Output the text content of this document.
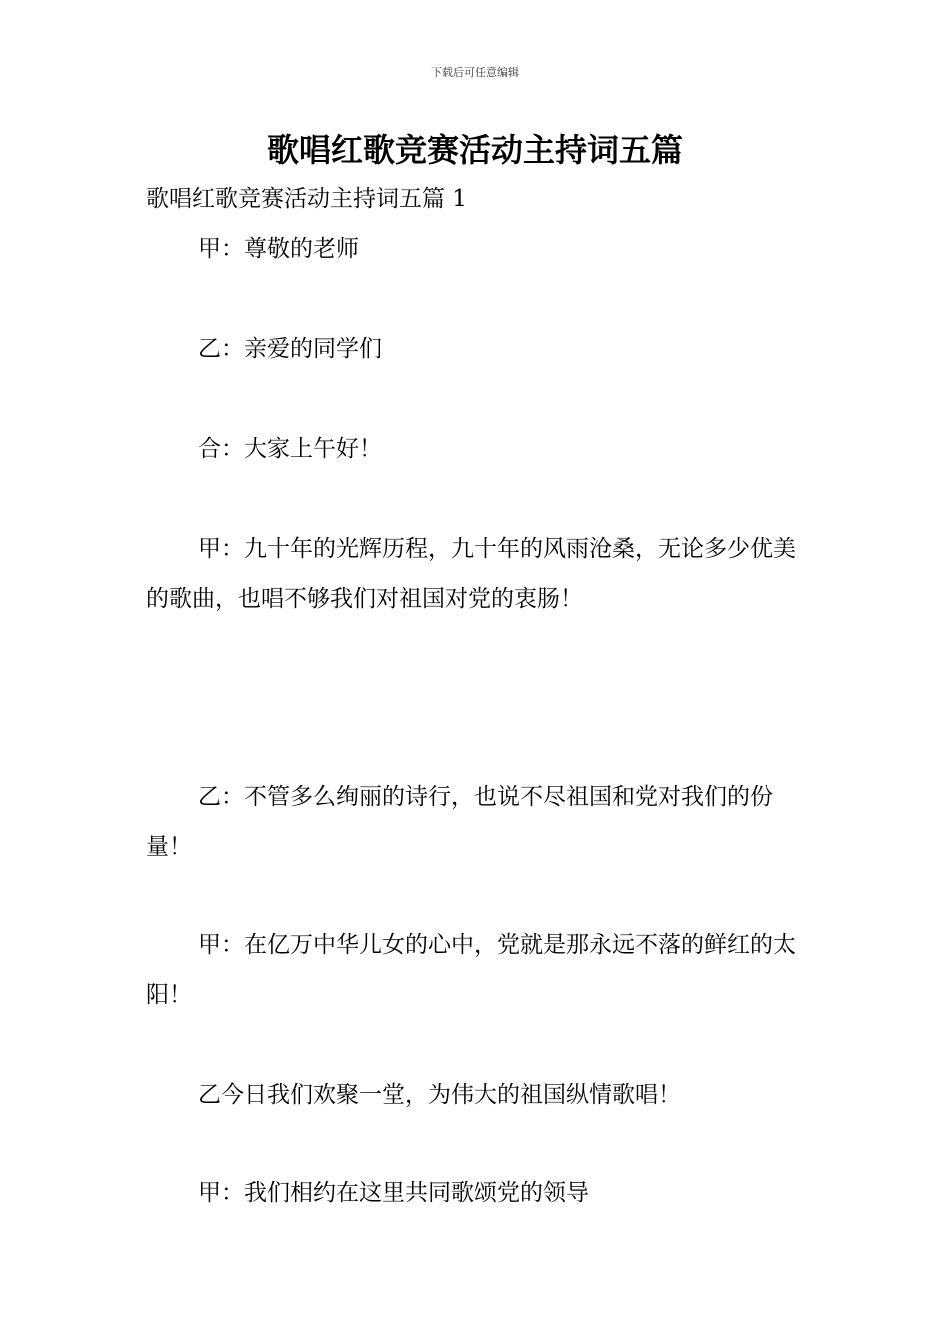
下载后可任意编辑
歌唱红歌竞赛活动主持词五篇

歌唱红歌竞赛活动主持词五篇 1

甲：尊敬的老师

乙：亲爱的同学们

合：大家上午好！

甲：九十年的光辉历程，九十年的风雨沧桑，无论多少优美的歌曲，也唱不够我们对祖国对党的衷肠！

乙：不管多么绚丽的诗行，也说不尽祖国和党对我们的份量！

甲：在亿万中华儿女的心中，党就是那永远不落的鲜红的太阳！

乙今日我们欢聚一堂，为伟大的祖国纵情歌唱！

甲：我们相约在这里共同歌颂党的领导
